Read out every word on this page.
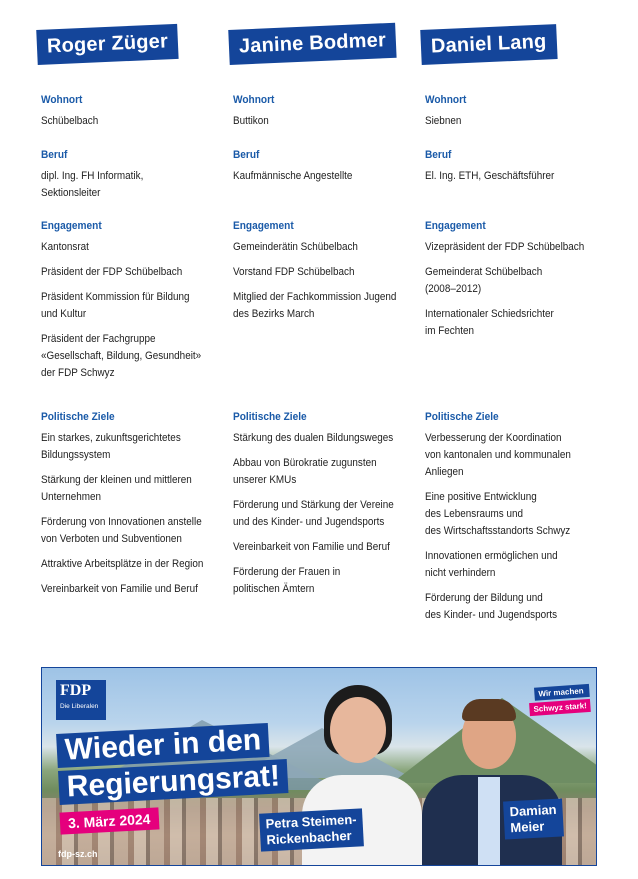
Roger Züger
Wohnort
Schübelbach
Beruf
dipl. Ing. FH Informatik,
Sektionsleiter
Engagement
Kantonsrat
Präsident der FDP Schübelbach
Präsident Kommission für Bildung
und Kultur
Präsident der Fachgruppe
«Gesellschaft, Bildung, Gesundheit»
der FDP Schwyz
Politische Ziele
Ein starkes, zukunftsgerichtetes
Bildungssystem
Stärkung der kleinen und mittleren
Unternehmen
Förderung von Innovationen anstelle
von Verboten und Subventionen
Attraktive Arbeitsplätze in der Region
Vereinbarkeit von Familie und Beruf
Janine Bodmer
Wohnort
Buttikon
Beruf
Kaufmännische Angestellte
Engagement
Gemeinderätin Schübelbach
Vorstand FDP Schübelbach
Mitglied der Fachkommission Jugend
des Bezirks March
Politische Ziele
Stärkung des dualen Bildungsweges
Abbau von Bürokratie zugunsten
unserer KMUs
Förderung und Stärkung der Vereine
und des Kinder- und Jugendsports
Vereinbarkeit von Familie und Beruf
Förderung der Frauen in
politischen Ämtern
Daniel Lang
Wohnort
Siebnen
Beruf
El. Ing. ETH, Geschäftsführer
Engagement
Vizepräsident der FDP Schübelbach
Gemeinderat Schübelbach
(2008–2012)
Internationaler Schiedsrichter
im Fechten
Politische Ziele
Verbesserung der Koordination
von kantonalen und kommunalen
Anliegen
Eine positive Entwicklung
des Lebensraums und
des Wirtschaftsstandorts Schwyz
Innovationen ermöglichen und
nicht verhindern
Förderung der Bildung und
des Kinder- und Jugendsports
FDP
Die Liberalen
Wieder in den
Regierungsrat!
3. März 2024
fdp-sz.ch
Wir machen
Schwyz stark!
Petra Steimen-
Rickenbacher
Damian
Meier
